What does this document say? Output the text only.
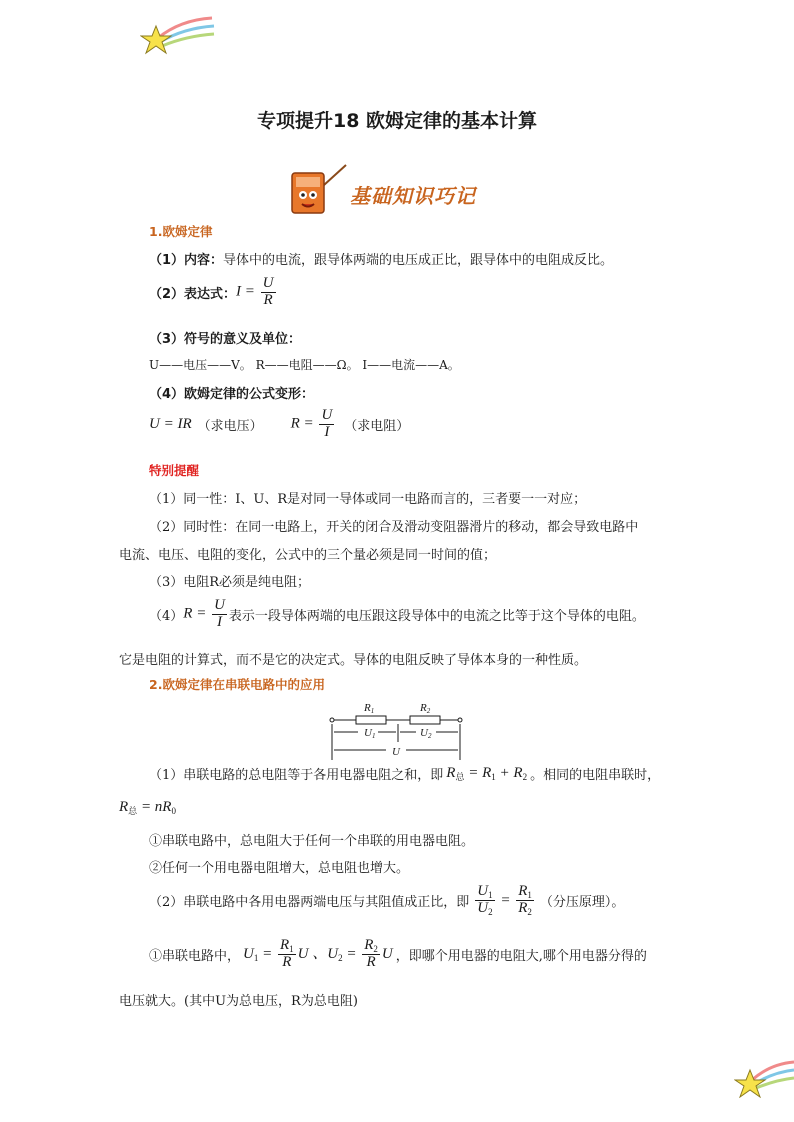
专项提升18 欧姆定律的基本计算
基础知识巧记
1.欧姆定律
（1）内容：导体中的电流，跟导体两端的电压成正比，跟导体中的电阻成反比。
（2）表达式： $I = \frac{U}{R}$
（3）符号的意义及单位：
U——电压——V。 R——电阻——Ω。 I——电流——A。
（4）欧姆定律的公式变形：
U = IR （求电压） $R = \frac{U}{I}$ （求电阻）
特别提醒
（1）同一性：I、U、R是对同一导体或同一电路而言的，三者要一一对应；
（2）同时性：在同一电路上，开关的闭合及滑动变阻器滑片的移动，都会导致电路中
电流、电压、电阻的变化，公式中的三个量必须是同一时间的值；
（3）电阻R必须是纯电阻；
（4） $R = \frac{U}{I}$ 表示一段导体两端的电压跟这段导体中的电流之比等于这个导体的电阻。
它是电阻的计算式，而不是它的决定式。导体的电阻反映了导体本身的一种性质。
2.欧姆定律在串联电路中的应用
R1	R2
U1	U2
U
（1）串联电路的总电阻等于各用电器电阻之和，即 $R_总 = R_1 + R_2$ 。相同的电阻串联时，
$R_总 = nR_0$
①串联电路中，总电阻大于任何一个串联的用电器电阻。
②任何一个用电器电阻增大，总电阻也增大。
（2）串联电路中各用电器两端电压与其阻值成正比，即 $\frac{U_1}{U_2} = \frac{R_1}{R_2}$ （分压原理）。
①串联电路中， $U_1 = \frac{R_1}{R}$ U 、$U_2 = \frac{R_2}{R}$ U ，即哪个用电器的电阻大,哪个用电器分得的
电压就大。(其中U为总电压，R为总电阻)
